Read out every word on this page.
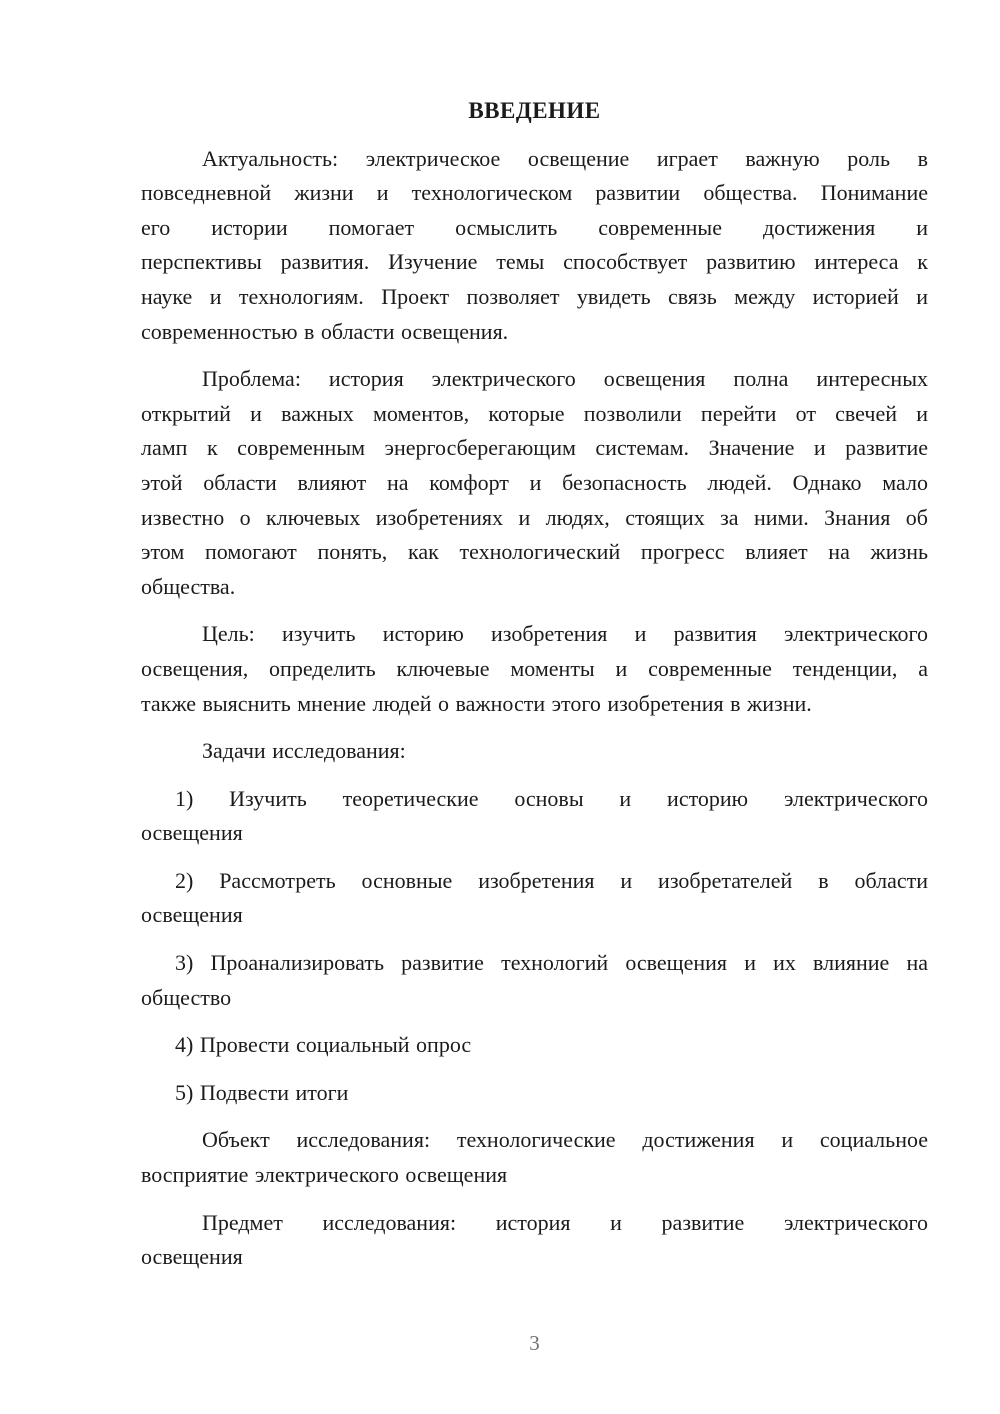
ВВЕДЕНИЕ
Актуальность: электрическое освещение играет важную роль в
повседневной жизни и технологическом развитии общества. Понимание
его истории помогает осмыслить современные достижения и
перспективы развития. Изучение темы способствует развитию интереса к
науке и технологиям. Проект позволяет увидеть связь между историей и
современностью в области освещения.
Проблема: история электрического освещения полна интересных
открытий и важных моментов, которые позволили перейти от свечей и
ламп к современным энергосберегающим системам. Значение и развитие
этой области влияют на комфорт и безопасность людей. Однако мало
известно о ключевых изобретениях и людях, стоящих за ними. Знания об
этом помогают понять, как технологический прогресс влияет на жизнь
общества.
Цель: изучить историю изобретения и развития электрического
освещения, определить ключевые моменты и современные тенденции, а
также выяснить мнение людей о важности этого изобретения в жизни.
Задачи исследования:
1) Изучить теоретические основы и историю электрического
освещения
2) Рассмотреть основные изобретения и изобретателей в области
освещения
3) Проанализировать развитие технологий освещения и их влияние на
общество
4) Провести социальный опрос
5) Подвести итоги
Объект исследования: технологические достижения и социальное
восприятие электрического освещения
Предмет исследования: история и развитие электрического
освещения
3
